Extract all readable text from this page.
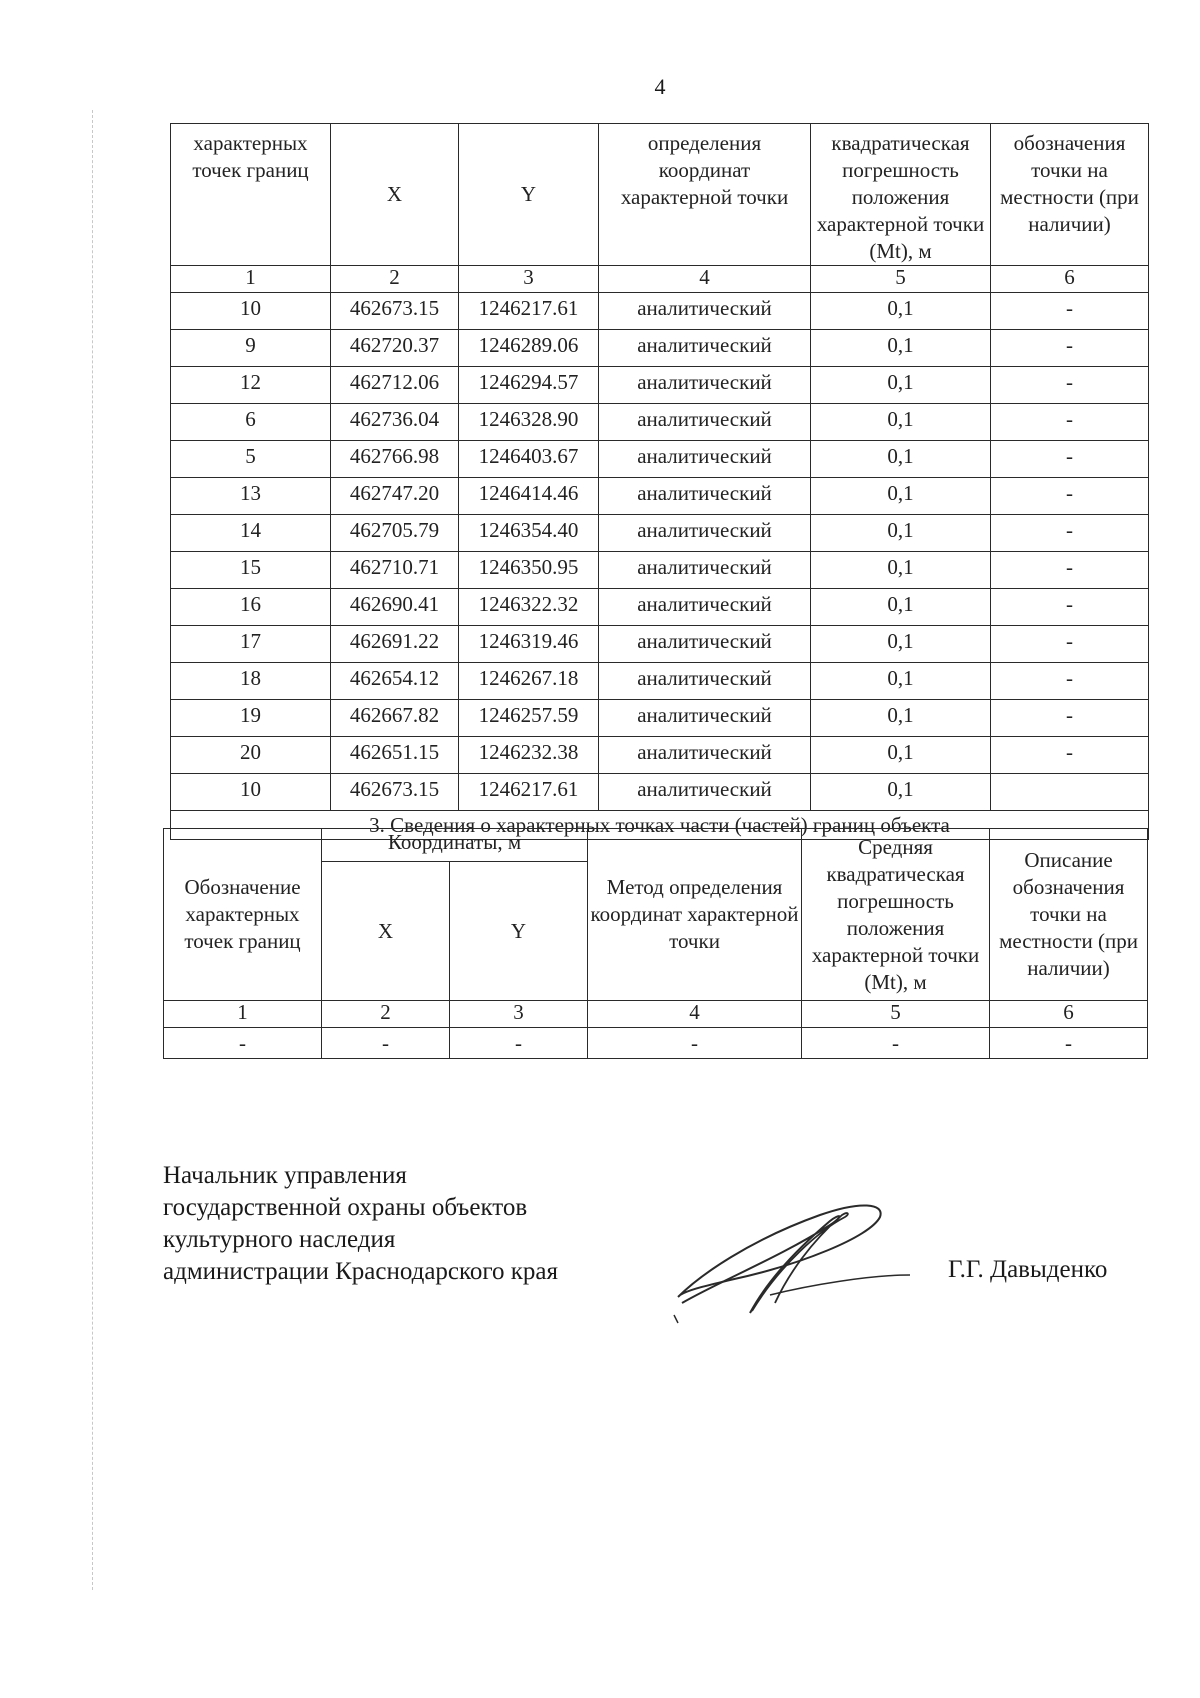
4
характерных точек границ	X	Y	определения координат характерной точки	квадратическая погрешность положения характерной точки (Mt), м	обозначения точки на местности (при наличии)
1	2	3	4	5	6
10	462673.15	1246217.61	аналитический	0,1	-
9	462720.37	1246289.06	аналитический	0,1	-
12	462712.06	1246294.57	аналитический	0,1	-
6	462736.04	1246328.90	аналитический	0,1	-
5	462766.98	1246403.67	аналитический	0,1	-
13	462747.20	1246414.46	аналитический	0,1	-
14	462705.79	1246354.40	аналитический	0,1	-
15	462710.71	1246350.95	аналитический	0,1	-
16	462690.41	1246322.32	аналитический	0,1	-
17	462691.22	1246319.46	аналитический	0,1	-
18	462654.12	1246267.18	аналитический	0,1	-
19	462667.82	1246257.59	аналитический	0,1	-
20	462651.15	1246232.38	аналитический	0,1	-
10	462673.15	1246217.61	аналитический	0,1	
3. Сведения о характерных точках части (частей) границ объекта					
Обозначение характерных точек границ	Координаты, м		Метод определения координат характерной точки	Средняя квадратическая погрешность положения характерной точки (Mt), м	Описание обозначения точки на местности (при наличии)
	X	Y			
1	2	3	4	5	6
-	-	-	-	-	-
Начальник управления
государственной охраны объектов
культурного наследия
администрации Краснодарского края	Г.Г. Давыденко
